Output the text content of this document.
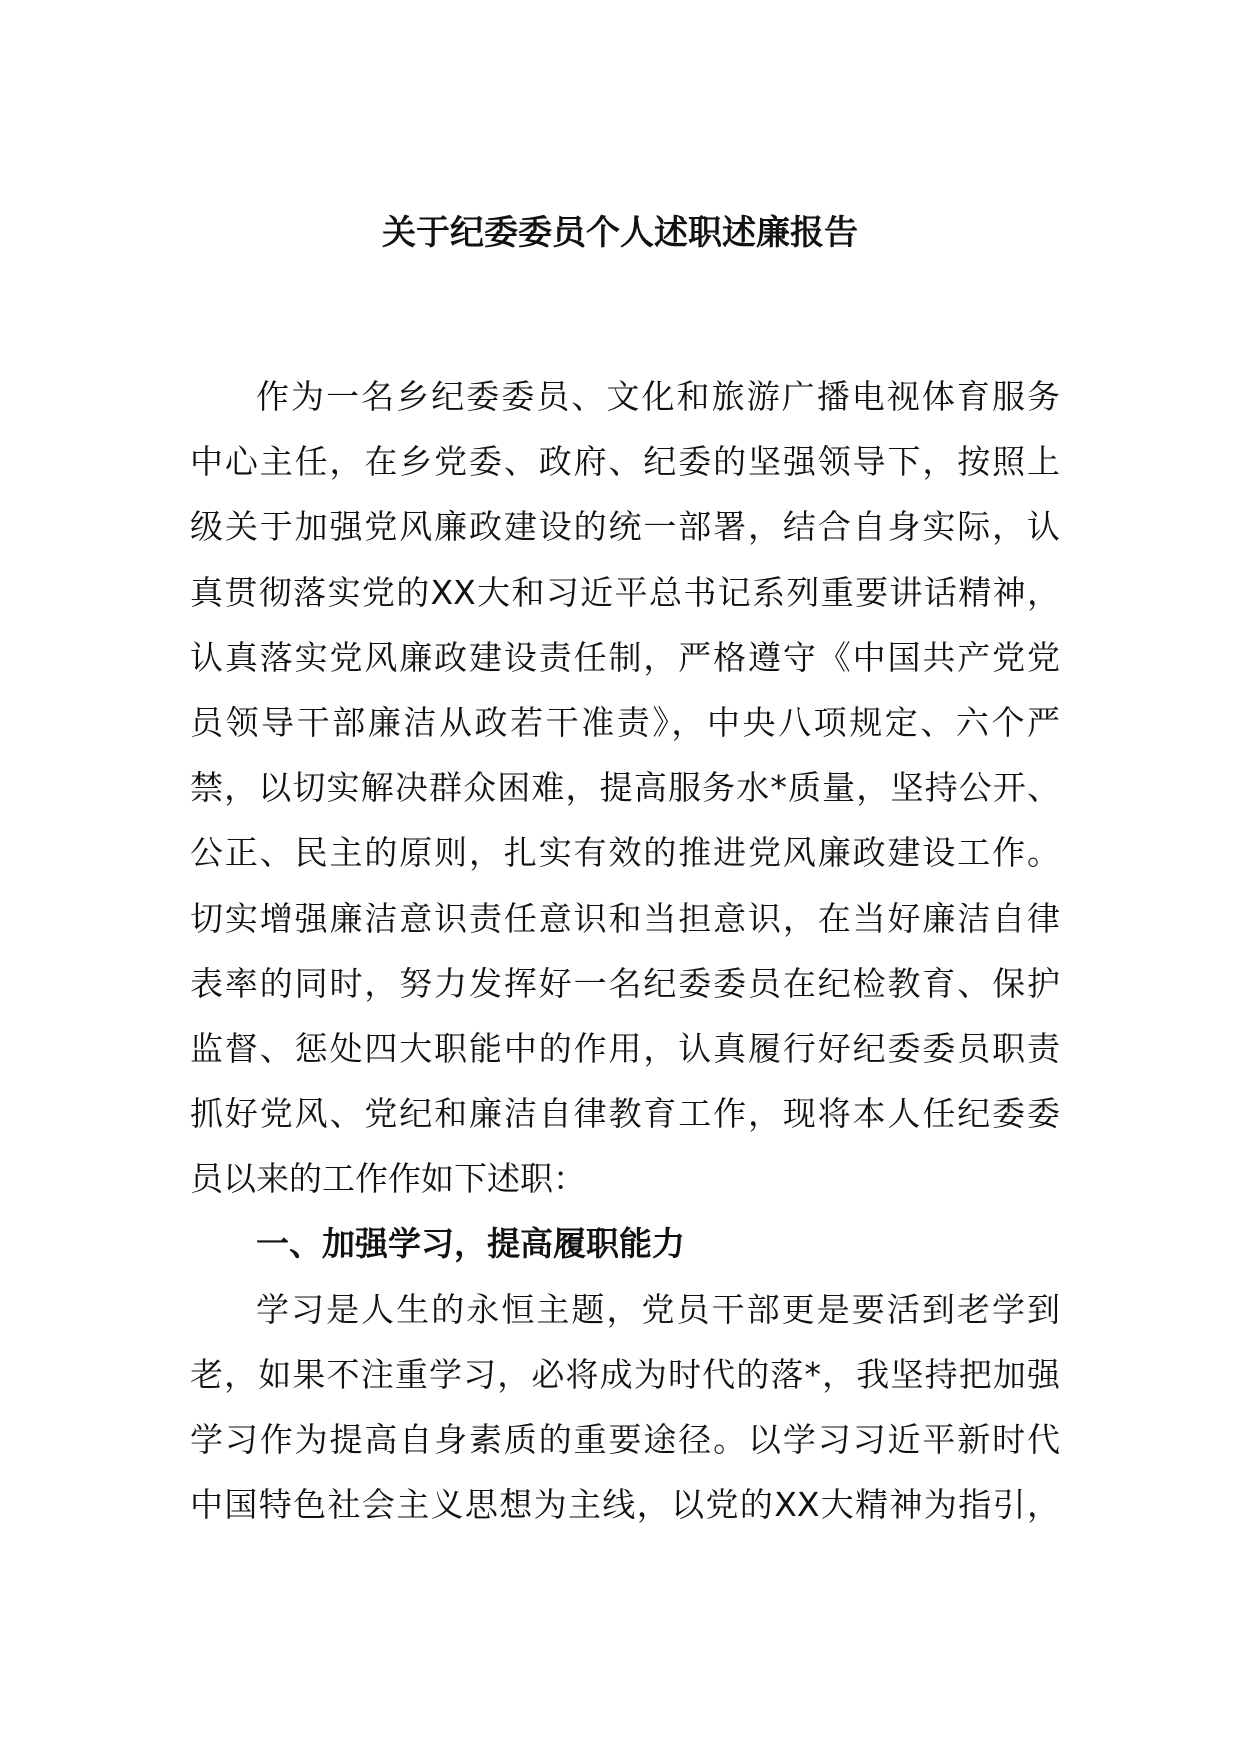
关于纪委委员个人述职述廉报告
作为一名乡纪委委员、文化和旅游广播电视体育服务
中心主任，在乡党委、政府、纪委的坚强领导下，按照上
级关于加强党风廉政建设的统一部署，结合自身实际，认
真贯彻落实党的XX大和习近平总书记系列重要讲话精神，
认真落实党风廉政建设责任制，严格遵守《中国共产党党
员领导干部廉洁从政若干准责》，中央八项规定、六个严
禁，以切实解决群众困难，提高服务水*质量，坚持公开、
公正、民主的原则，扎实有效的推进党风廉政建设工作。
切实增强廉洁意识责任意识和当担意识，在当好廉洁自律
表率的同时，努力发挥好一名纪委委员在纪检教育、保护
监督、惩处四大职能中的作用，认真履行好纪委委员职责
抓好党风、党纪和廉洁自律教育工作，现将本人任纪委委
员以来的工作作如下述职：
一、加强学习，提高履职能力
学习是人生的永恒主题，党员干部更是要活到老学到
老，如果不注重学习，必将成为时代的落*，我坚持把加强
学习作为提高自身素质的重要途径。以学习习近平新时代
中国特色社会主义思想为主线，以党的XX大精神为指引，
